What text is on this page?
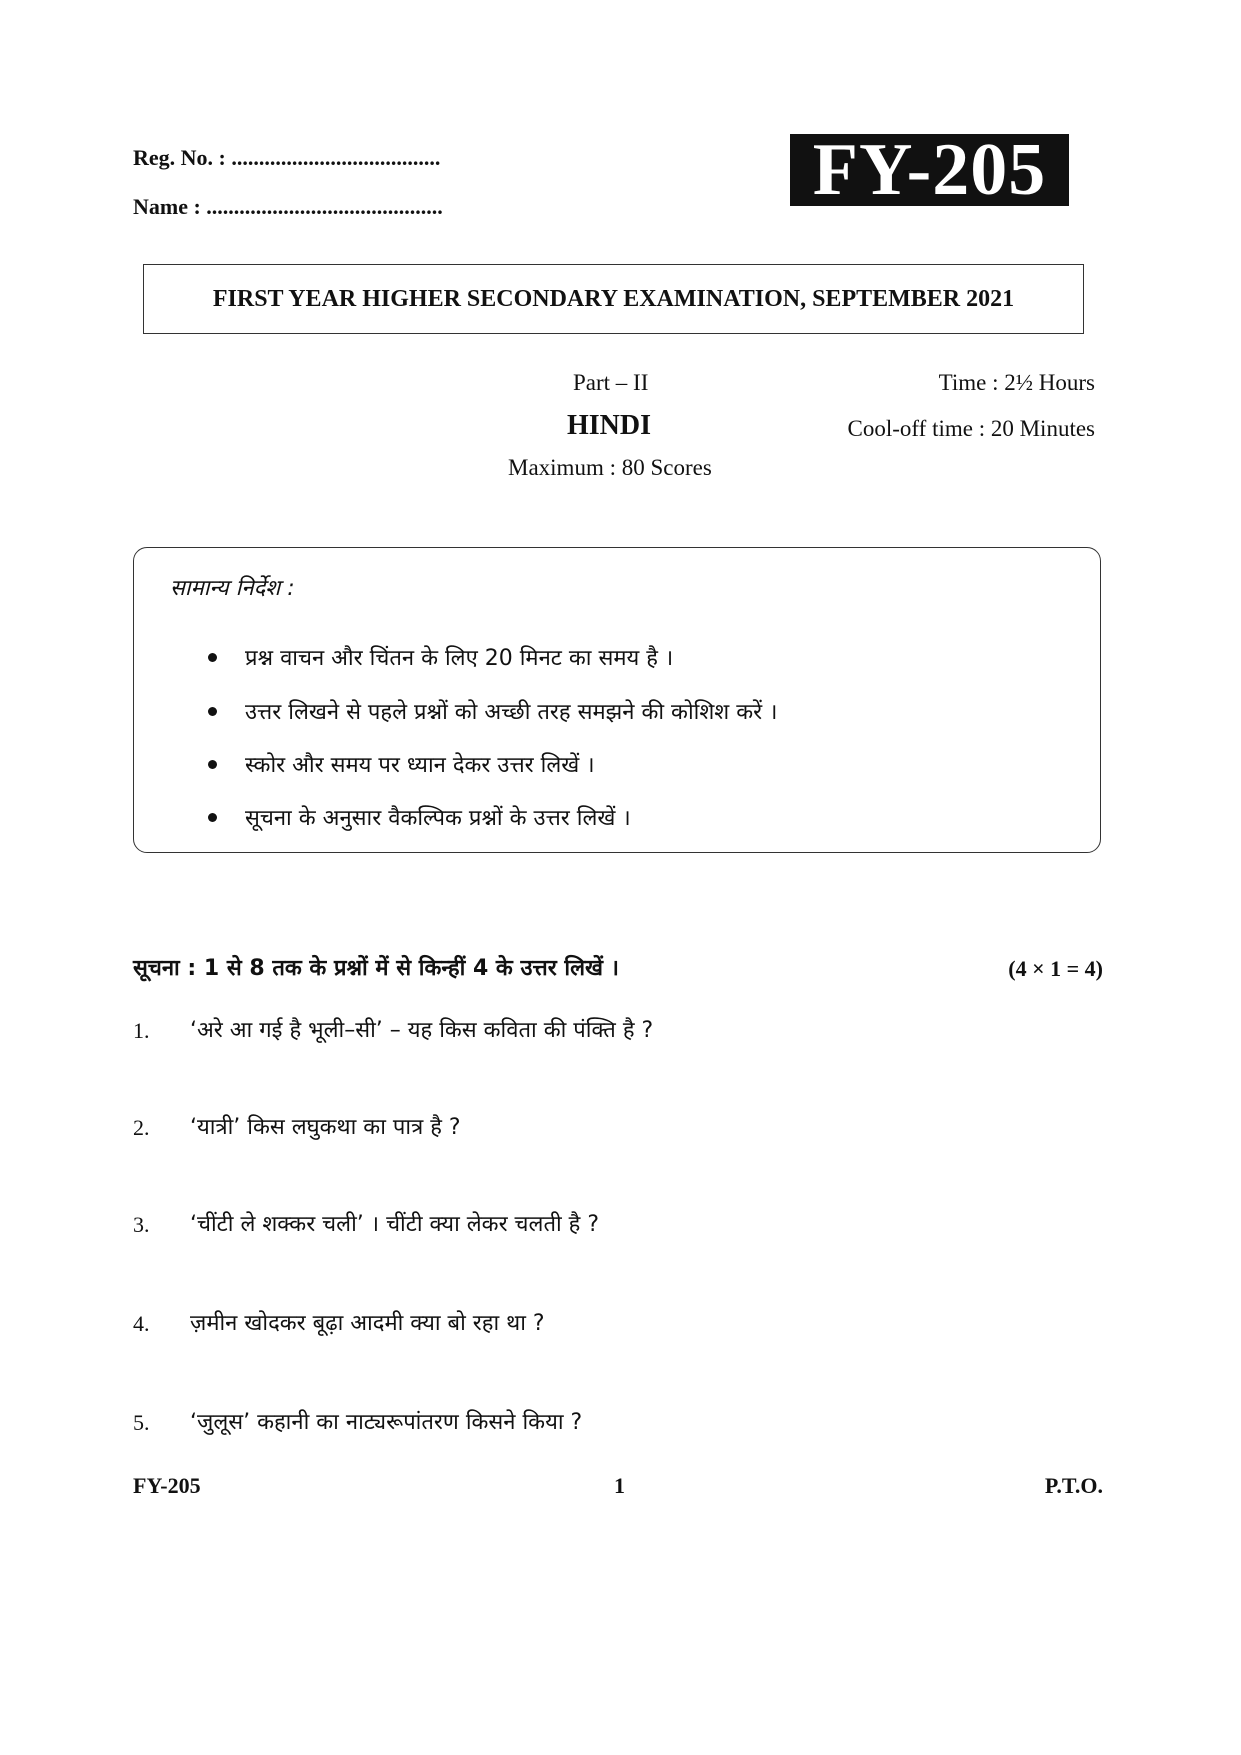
Reg. No. : ......................................
Name : ...........................................	FY-205
FIRST YEAR HIGHER SECONDARY EXAMINATION, SEPTEMBER 2021
Part – II
HINDI
Maximum : 80 Scores
Time : 2½ Hours
Cool-off time : 20 Minutes
सामान्य निर्देश :
प्रश्न वाचन और चिंतन के लिए 20 मिनट का समय है ।
उत्तर लिखने से पहले प्रश्नों को अच्छी तरह समझने की कोशिश करें ।
स्कोर और समय पर ध्यान देकर उत्तर लिखें ।
सूचना के अनुसार वैकल्पिक प्रश्नों के उत्तर लिखें ।
सूचना : 1 से 8 तक के प्रश्नों में से किन्हीं 4 के उत्तर लिखें ।	(4 × 1 = 4)
1. ‘अरे आ गई है भूली–सी’ – यह किस कविता की पंक्ति है ?
2. ‘यात्री’ किस लघुकथा का पात्र है ?
3. ‘चींटी ले शक्कर चली’ । चींटी क्या लेकर चलती है ?
4. ज़मीन खोदकर बूढ़ा आदमी क्या बो रहा था ?
5. ‘जुलूस’ कहानी का नाट्यरूपांतरण किसने किया ?
FY-205	1	P.T.O.
